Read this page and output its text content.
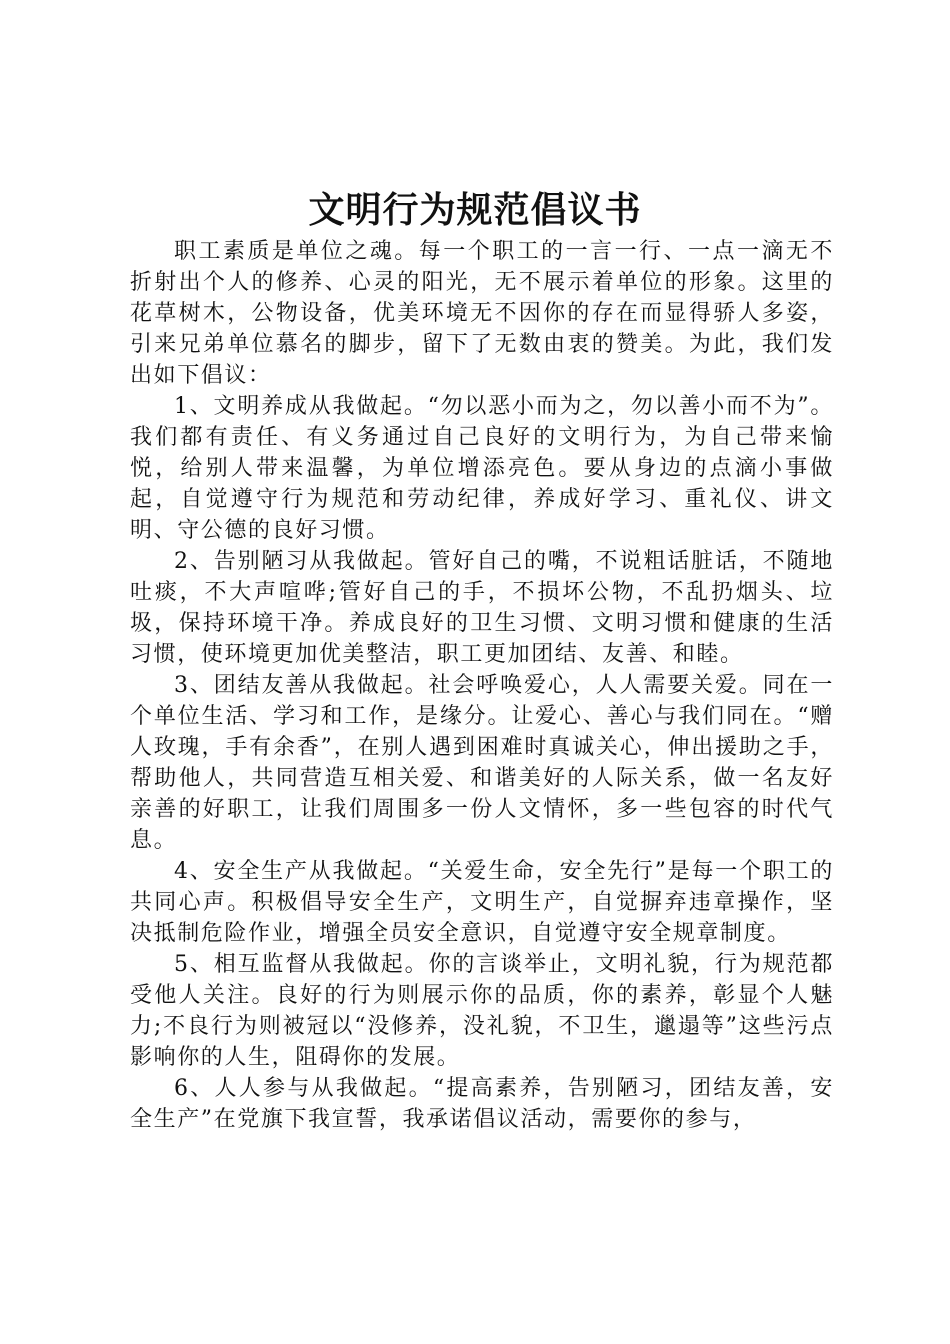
文明行为规范倡议书

职工素质是单位之魂。每一个职工的一言一行、一点一滴无不折射出个人的修养、心灵的阳光，无不展示着单位的形象。这里的花草树木，公物设备，优美环境无不因你的存在而显得骄人多姿，引来兄弟单位慕名的脚步，留下了无数由衷的赞美。为此，我们发出如下倡议：

1、文明养成从我做起。“勿以恶小而为之，勿以善小而不为”。我们都有责任、有义务通过自己良好的文明行为，为自己带来愉悦，给别人带来温馨，为单位增添亮色。要从身边的点滴小事做起，自觉遵守行为规范和劳动纪律，养成好学习、重礼仪、讲文明、守公德的良好习惯。

2、告别陋习从我做起。管好自己的嘴，不说粗话脏话，不随地吐痰，不大声喧哗;管好自己的手，不损坏公物，不乱扔烟头、垃圾，保持环境干净。养成良好的卫生习惯、文明习惯和健康的生活习惯，使环境更加优美整洁，职工更加团结、友善、和睦。

3、团结友善从我做起。社会呼唤爱心，人人需要关爱。同在一个单位生活、学习和工作，是缘分。让爱心、善心与我们同在。“赠人玫瑰，手有余香”，在别人遇到困难时真诚关心，伸出援助之手，帮助他人，共同营造互相关爱、和谐美好的人际关系，做一名友好亲善的好职工，让我们周围多一份人文情怀，多一些包容的时代气息。

4、安全生产从我做起。“关爱生命，安全先行”是每一个职工的共同心声。积极倡导安全生产，文明生产，自觉摒弃违章操作，坚决抵制危险作业，增强全员安全意识，自觉遵守安全规章制度。

5、相互监督从我做起。你的言谈举止，文明礼貌，行为规范都受他人关注。良好的行为则展示你的品质，你的素养，彰显个人魅力;不良行为则被冠以“没修养，没礼貌，不卫生，邋遢等”这些污点影响你的人生，阻碍你的发展。

6、人人参与从我做起。“提高素养，告别陋习，团结友善，安全生产”在党旗下我宣誓，我承诺倡议活动，需要你的参与，
